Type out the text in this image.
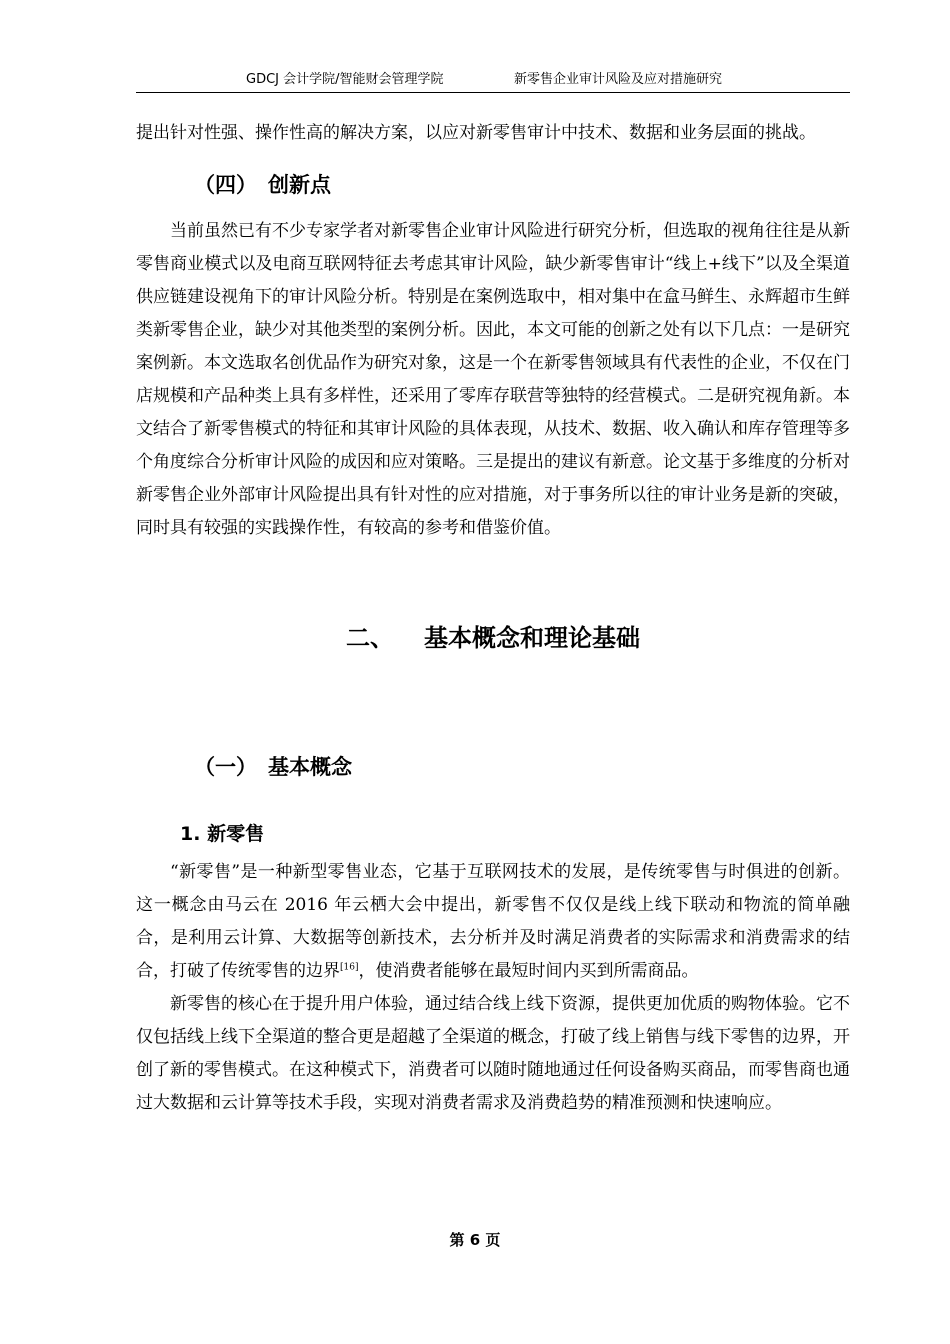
GDCJ 会计学院/智能财会管理学院	新零售企业审计风险及应对措施研究

提出针对性强、操作性高的解决方案，以应对新零售审计中技术、数据和业务层面的挑战。

（四） 创新点

当前虽然已有不少专家学者对新零售企业审计风险进行研究分析，但选取的视角往往是从新零售商业模式以及电商互联网特征去考虑其审计风险，缺少新零售审计“线上+线下”以及全渠道供应链建设视角下的审计风险分析。特别是在案例选取中，相对集中在盒马鲜生、永辉超市生鲜类新零售企业，缺少对其他类型的案例分析。因此，本文可能的创新之处有以下几点：一是研究案例新。本文选取名创优品作为研究对象，这是一个在新零售领域具有代表性的企业，不仅在门店规模和产品种类上具有多样性，还采用了零库存联营等独特的经营模式。二是研究视角新。本文结合了新零售模式的特征和其审计风险的具体表现，从技术、数据、收入确认和库存管理等多个角度综合分析审计风险的成因和应对策略。三是提出的建议有新意。论文基于多维度的分析对新零售企业外部审计风险提出具有针对性的应对措施，对于事务所以往的审计业务是新的突破，同时具有较强的实践操作性，有较高的参考和借鉴价值。

二、 基本概念和理论基础
（一） 基本概念
1. 新零售

“新零售”是一种新型零售业态，它基于互联网技术的发展，是传统零售与时俱进的创新。这一概念由马云在 2016 年云栖大会中提出，新零售不仅仅是线上线下联动和物流的简单融合，是利用云计算、大数据等创新技术，去分析并及时满足消费者的实际需求和消费需求的结合，打破了传统零售的边界[16]，使消费者能够在最短时间内买到所需商品。

新零售的核心在于提升用户体验，通过结合线上线下资源，提供更加优质的购物体验。它不仅包括线上线下全渠道的整合更是超越了全渠道的概念，打破了线上销售与线下零售的边界，开创了新的零售模式。在这种模式下，消费者可以随时随地通过任何设备购买商品，而零售商也通过大数据和云计算等技术手段，实现对消费者需求及消费趋势的精准预测和快速响应。

第 6 页
